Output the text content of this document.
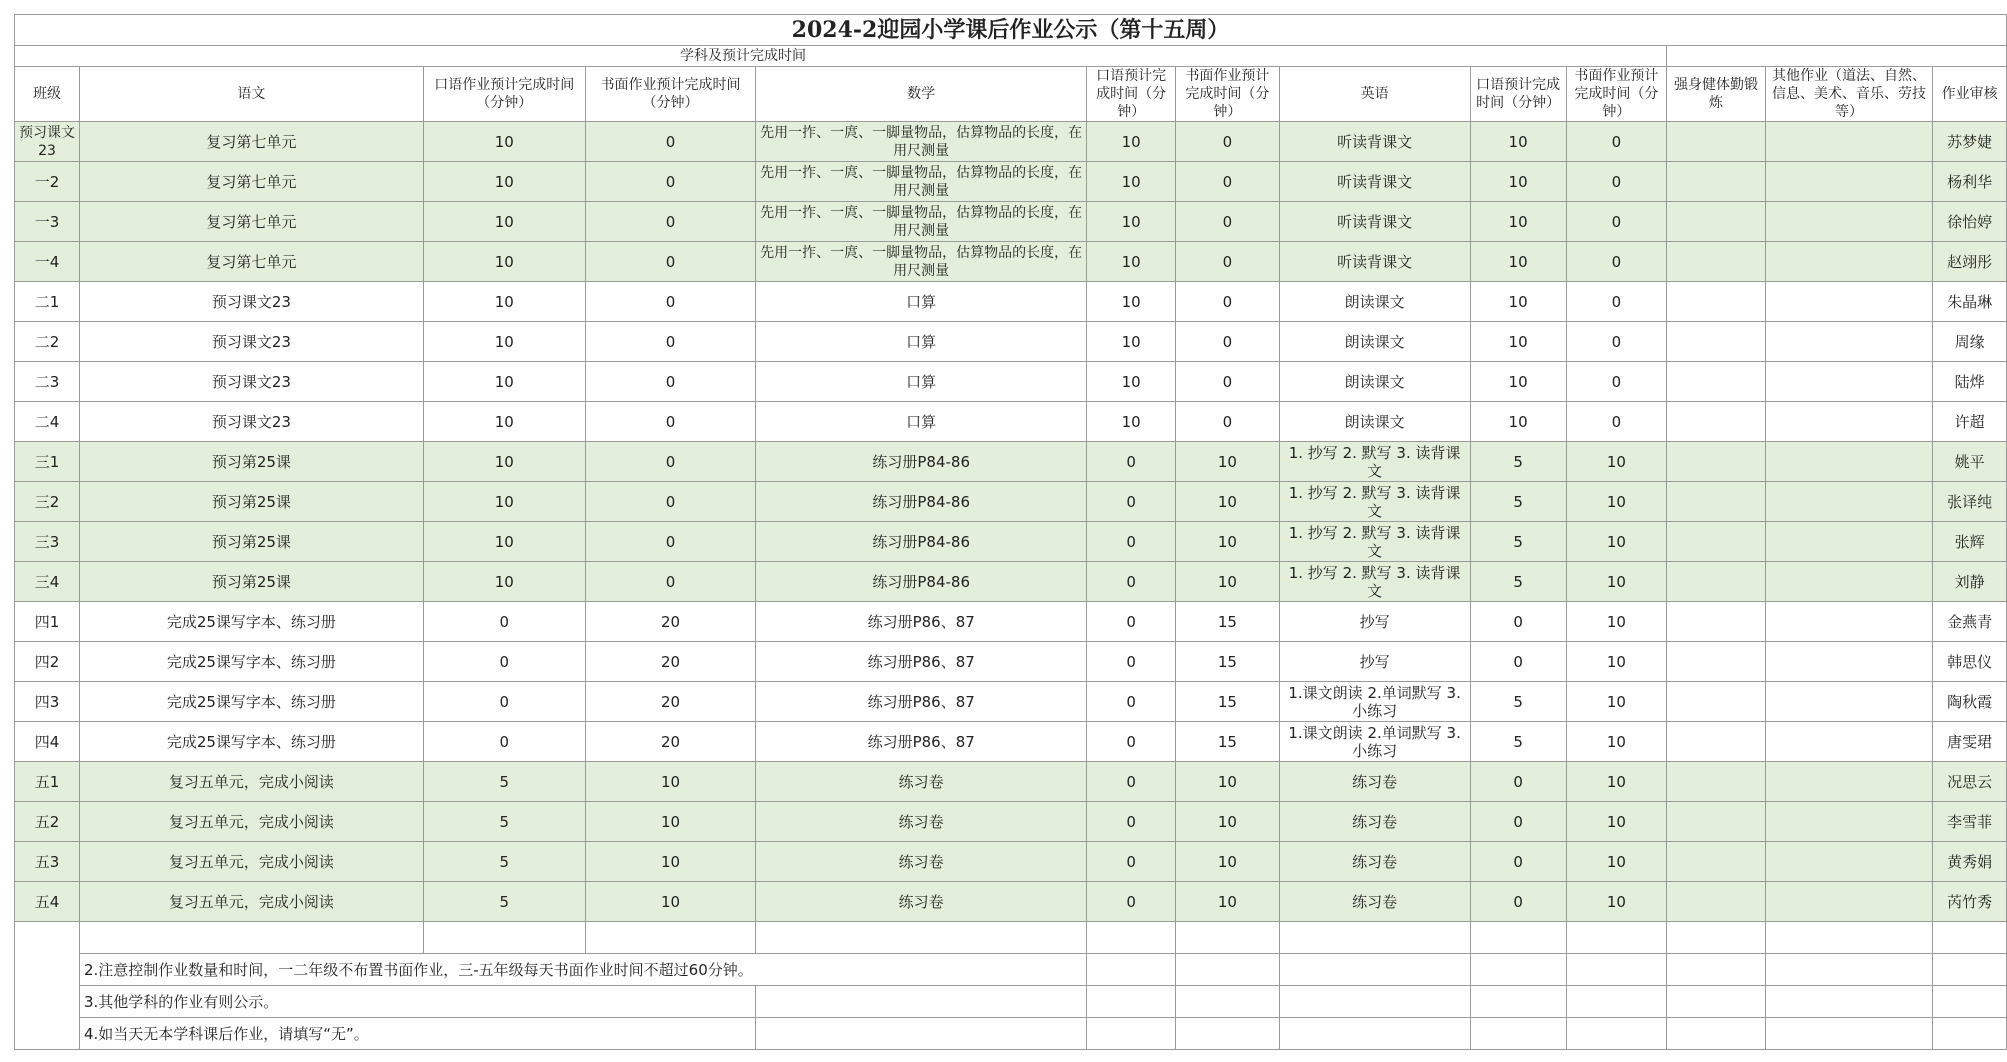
2024-2迎园小学课后作业公示（第十五周）												
学科及预计完成时间												
班级	语文	口语作业预计完成时间（分钟）	书面作业预计完成时间（分钟）	数学	口语预计完成时间（分钟）	书面作业预计完成时间（分钟）	英语	口语预计完成时间（分钟）	书面作业预计完成时间（分钟）	强身健体勤锻炼	其他作业（道法、自然、信息、美术、音乐、劳技等）	作业审核
预习课文23	复习第七单元	10	0	先用一拃、一庹、一脚量物品，估算物品的长度，在用尺测量	10	0	听读背课文	10	0			苏梦婕
一2	复习第七单元	10	0	先用一拃、一庹、一脚量物品，估算物品的长度，在用尺测量	10	0	听读背课文	10	0			杨利华
一3	复习第七单元	10	0	先用一拃、一庹、一脚量物品，估算物品的长度，在用尺测量	10	0	听读背课文	10	0			徐怡婷
一4	复习第七单元	10	0	先用一拃、一庹、一脚量物品，估算物品的长度，在用尺测量	10	0	听读背课文	10	0			赵翊彤
二1	预习课文23	10	0	口算	10	0	朗读课文	10	0			朱晶琳
二2	预习课文23	10	0	口算	10	0	朗读课文	10	0			周缘
二3	预习课文23	10	0	口算	10	0	朗读课文	10	0			陆烨
二4	预习课文23	10	0	口算	10	0	朗读课文	10	0			许超
三1	预习第25课	10	0	练习册P84-86	0	10	1. 抄写 2. 默写 3. 读背课文	5	10			姚平
三2	预习第25课	10	0	练习册P84-86	0	10	1. 抄写 2. 默写 3. 读背课文	5	10			张译纯
三3	预习第25课	10	0	练习册P84-86	0	10	1. 抄写 2. 默写 3. 读背课文	5	10			张辉
三4	预习第25课	10	0	练习册P84-86	0	10	1. 抄写 2. 默写 3. 读背课文	5	10			刘静
四1	完成25课写字本、练习册	0	20	练习册P86、87	0	15	抄写	0	10			金燕青
四2	完成25课写字本、练习册	0	20	练习册P86、87	0	15	抄写	0	10			韩思仪
四3	完成25课写字本、练习册	0	20	练习册P86、87	0	15	1.课文朗读 2.单词默写 3.小练习	5	10			陶秋霞
四4	完成25课写字本、练习册	0	20	练习册P86、87	0	15	1.课文朗读 2.单词默写 3.小练习	5	10			唐雯珺
五1	复习五单元，完成小阅读	5	10	练习卷	0	10	练习卷	0	10			况思云
五2	复习五单元，完成小阅读	5	10	练习卷	0	10	练习卷	0	10			李雪菲
五3	复习五单元，完成小阅读	5	10	练习卷	0	10	练习卷	0	10			黄秀娟
五4	复习五单元，完成小阅读	5	10	练习卷	0	10	练习卷	0	10			芮竹秀

	2.注意控制作业数量和时间，一二年级不布置书面作业，三-五年级每天书面作业时间不超过60分钟。											
	3.其他学科的作业有则公示。											
	4.如当天无本学科课后作业，请填写“无”。											
